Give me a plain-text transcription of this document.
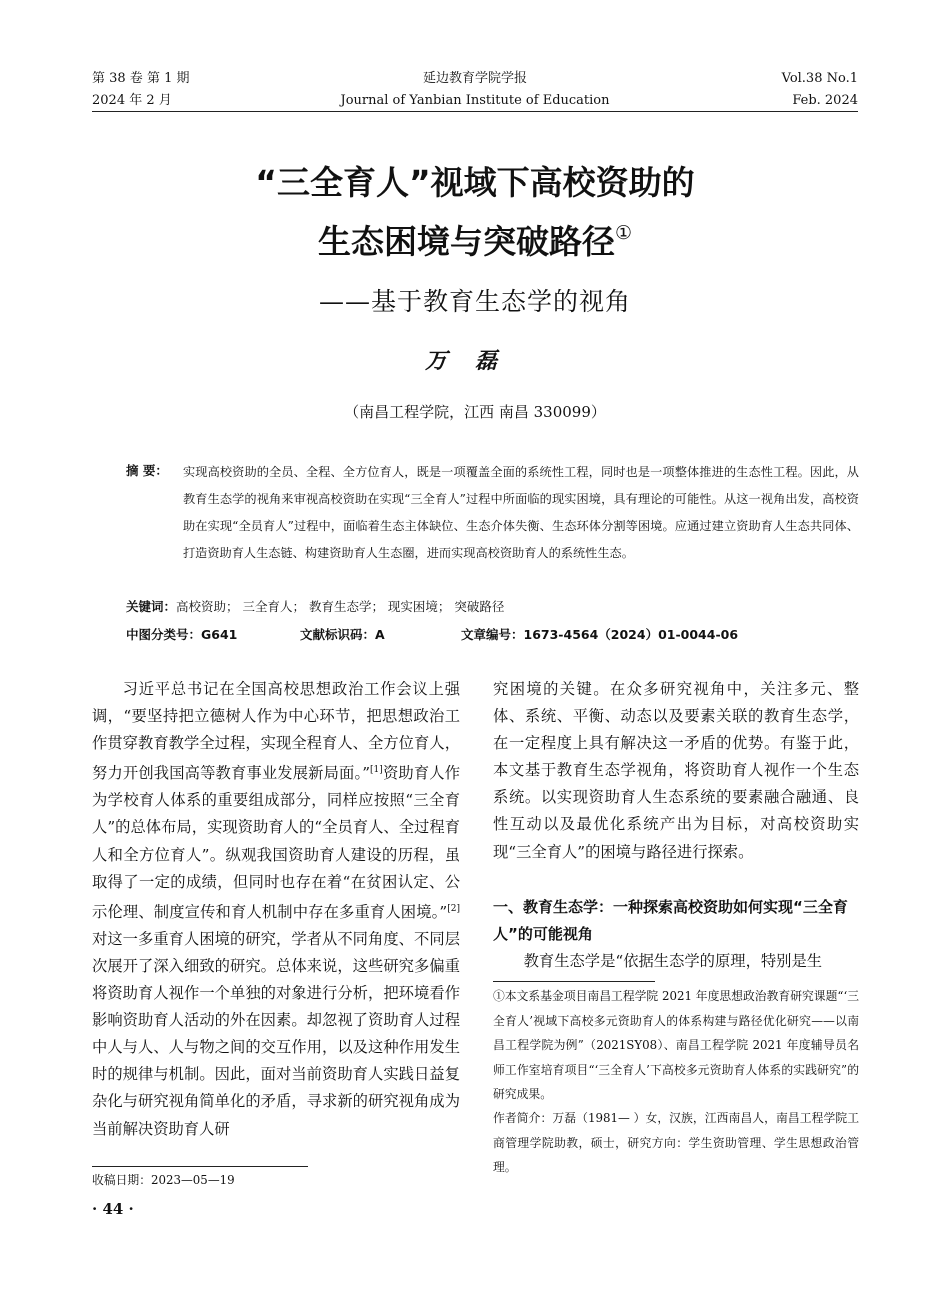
第 38 卷 第 1 期
2024 年 2 月
延边教育学院学报
Journal of Yanbian Institute of Education
Vol.38 No.1
Feb. 2024
“三全育人”视域下高校资助的
生态困境与突破路径①
——基于教育生态学的视角
万磊
（南昌工程学院，江西 南昌 330099）
摘 要： 实现高校资助的全员、全程、全方位育人，既是一项覆盖全面的系统性工程，同时也是一项整体推进的生态性工程。因此，从教育生态学的视角来审视高校资助在实现“三全育人”过程中所面临的现实困境，具有理论的可能性。从这一视角出发，高校资助在实现“全员育人”过程中，面临着生态主体缺位、生态介体失衡、生态环体分割等困境。应通过建立资助育人生态共同体、打造资助育人生态链、构建资助育人生态圈，进而实现高校资助育人的系统性生态。
关键词：高校资助； 三全育人； 教育生态学； 现实困境； 突破路径
中图分类号：G641	文献标识码：A	文章编号：1673-4564（2024）01-0044-06

习近平总书记在全国高校思想政治工作会议上强调，“要坚持把立德树人作为中心环节，把思想政治工作贯穿教育教学全过程，实现全程育人、全方位育人，努力开创我国高等教育事业发展新局面。”[1]资助育人作为学校育人体系的重要组成部分，同样应按照“三全育人”的总体布局，实现资助育人的“全员育人、全过程育人和全方位育人”。纵观我国资助育人建设的历程，虽取得了一定的成绩，但同时也存在着“在贫困认定、公示伦理、制度宣传和育人机制中存在多重育人困境。”[2]对这一多重育人困境的研究，学者从不同角度、不同层次展开了深入细致的研究。总体来说，这些研究多偏重将资助育人视作一个单独的对象进行分析，把环境看作影响资助育人活动的外在因素。却忽视了资助育人过程中人与人、人与物之间的交互作用，以及这种作用发生时的规律与机制。因此，面对当前资助育人实践日益复杂化与研究视角简单化的矛盾，寻求新的研究视角成为当前解决资助育人研

究困境的关键。在众多研究视角中，关注多元、整体、系统、平衡、动态以及要素关联的教育生态学，在一定程度上具有解决这一矛盾的优势。有鉴于此，本文基于教育生态学视角，将资助育人视作一个生态系统。以实现资助育人生态系统的要素融合融通、良性互动以及最优化系统产出为目标，对高校资助实现“三全育人”的困境与路径进行探索。

一、教育生态学：一种探索高校资助如何实现“三全育人”的可能视角

教育生态学是“依据生态学的原理，特别是生

①本文系基金项目南昌工程学院 2021 年度思想政治教育研究课题“‘三全育人’视域下高校多元资助育人的体系构建与路径优化研究——以南昌工程学院为例”（2021SY08）、南昌工程学院 2021 年度辅导员名师工作室培育项目“‘三全育人’下高校多元资助育人体系的实践研究”的研究成果。
作者简介：万磊（1981— ）女，汉族，江西南昌人，南昌工程学院工商管理学院助教，硕士，研究方向：学生资助管理、学生思想政治管理。
收稿日期：2023—05—19
· 44 ·
